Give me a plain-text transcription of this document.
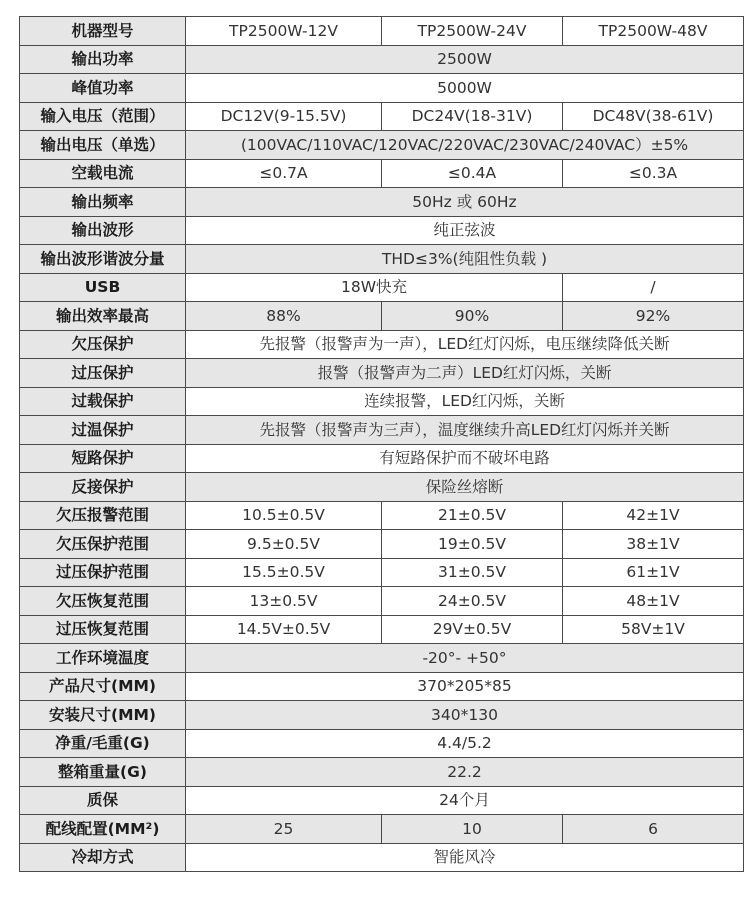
机器型号	TP2500W-12V	TP2500W-24V	TP2500W-48V
输出功率	2500W		
峰值功率	5000W		
输入电压（范围）	DC12V(9-15.5V)	DC24V(18-31V)	DC48V(38-61V)
输出电压（单选）	(100VAC/110VAC/120VAC/220VAC/230VAC/240VAC）±5%		
空载电流	≤0.7A	≤0.4A	≤0.3A
输出频率	50Hz 或 60Hz		
输出波形	纯正弦波		
输出波形谐波分量	THD≤3%(纯阻性负载 )		
USB	18W快充		/
输出效率最高	88%	90%	92%
欠压保护	先报警（报警声为一声），LED红灯闪烁，电压继续降低关断		
过压保护	报警（报警声为二声）LED红灯闪烁，关断		
过载保护	连续报警，LED红闪烁，关断		
过温保护	先报警（报警声为三声），温度继续升高LED红灯闪烁并关断		
短路保护	有短路保护而不破坏电路		
反接保护	保险丝熔断		
欠压报警范围	10.5±0.5V	21±0.5V	42±1V
欠压保护范围	9.5±0.5V	19±0.5V	38±1V
过压保护范围	15.5±0.5V	31±0.5V	61±1V
欠压恢复范围	13±0.5V	24±0.5V	48±1V
过压恢复范围	14.5V±0.5V	29V±0.5V	58V±1V
工作环境温度	-20°- +50°		
产品尺寸(MM)	370*205*85		
安装尺寸(MM)	340*130		
净重/毛重(G)	4.4/5.2		
整箱重量(G)	22.2		
质保	24个月		
配线配置(MM²)	25	10	6
冷却方式	智能风冷		
